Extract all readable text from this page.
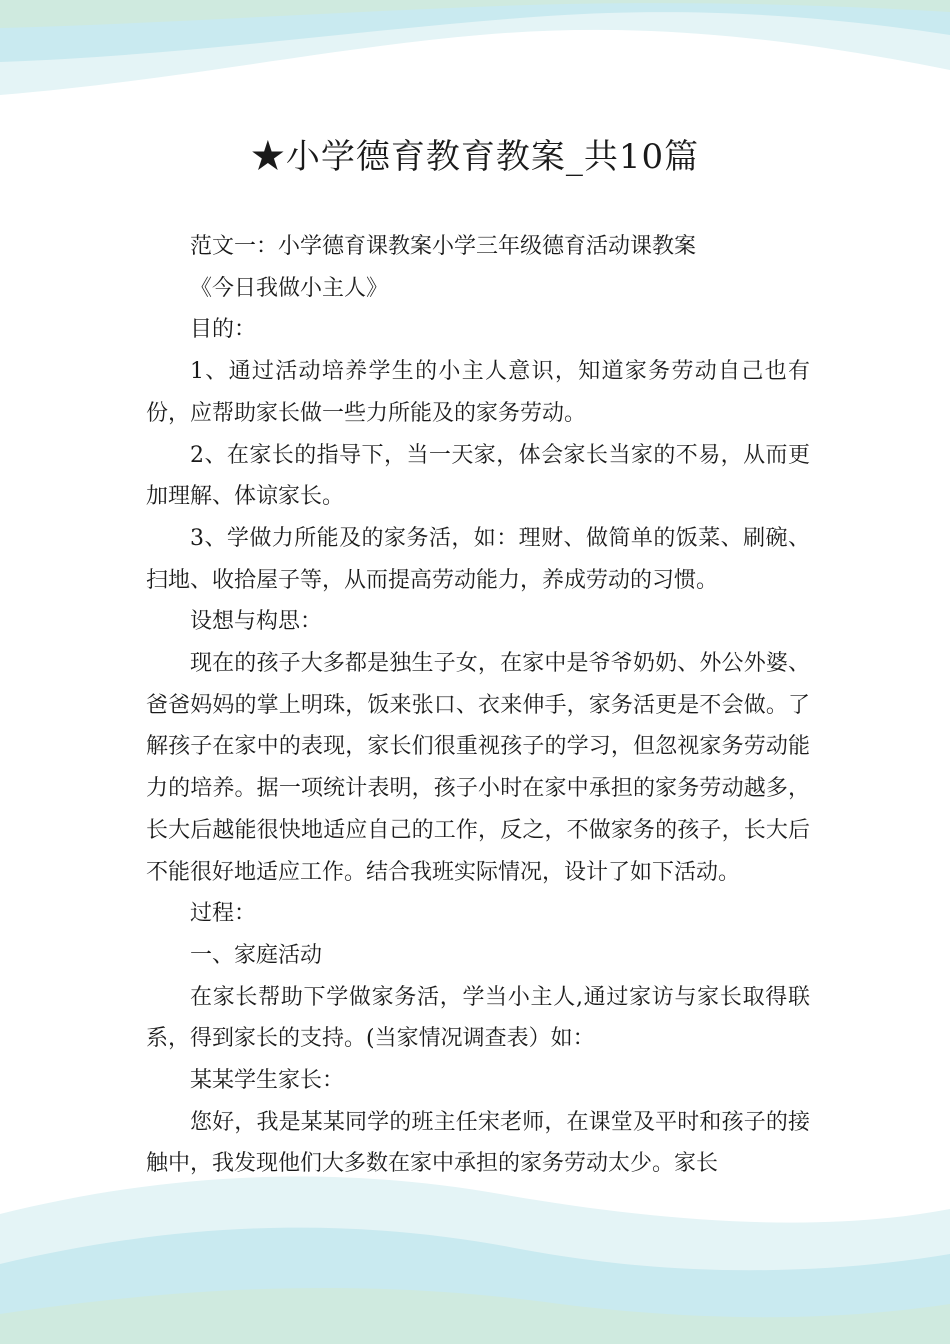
★小学德育教育教案_共10篇

范文一：小学德育课教案小学三年级德育活动课教案

《今日我做小主人》

目的：

1、通过活动培养学生的小主人意识，知道家务劳动自己也有份，应帮助家长做一些力所能及的家务劳动。

2、在家长的指导下，当一天家，体会家长当家的不易，从而更加理解、体谅家长。

3、学做力所能及的家务活，如：理财、做简单的饭菜、刷碗、扫地、收拾屋子等，从而提高劳动能力，养成劳动的习惯。

设想与构思：

现在的孩子大多都是独生子女，在家中是爷爷奶奶、外公外婆、爸爸妈妈的掌上明珠，饭来张口、衣来伸手，家务活更是不会做。了解孩子在家中的表现，家长们很重视孩子的学习，但忽视家务劳动能力的培养。据一项统计表明，孩子小时在家中承担的家务劳动越多，长大后越能很快地适应自己的工作，反之，不做家务的孩子，长大后不能很好地适应工作。结合我班实际情况，设计了如下活动。

过程：

一、家庭活动

在家长帮助下学做家务活，学当小主人,通过家访与家长取得联系，得到家长的支持。(当家情况调查表）如：

某某学生家长：

您好，我是某某同学的班主任宋老师，在课堂及平时和孩子的接触中，我发现他们大多数在家中承担的家务劳动太少。家长
